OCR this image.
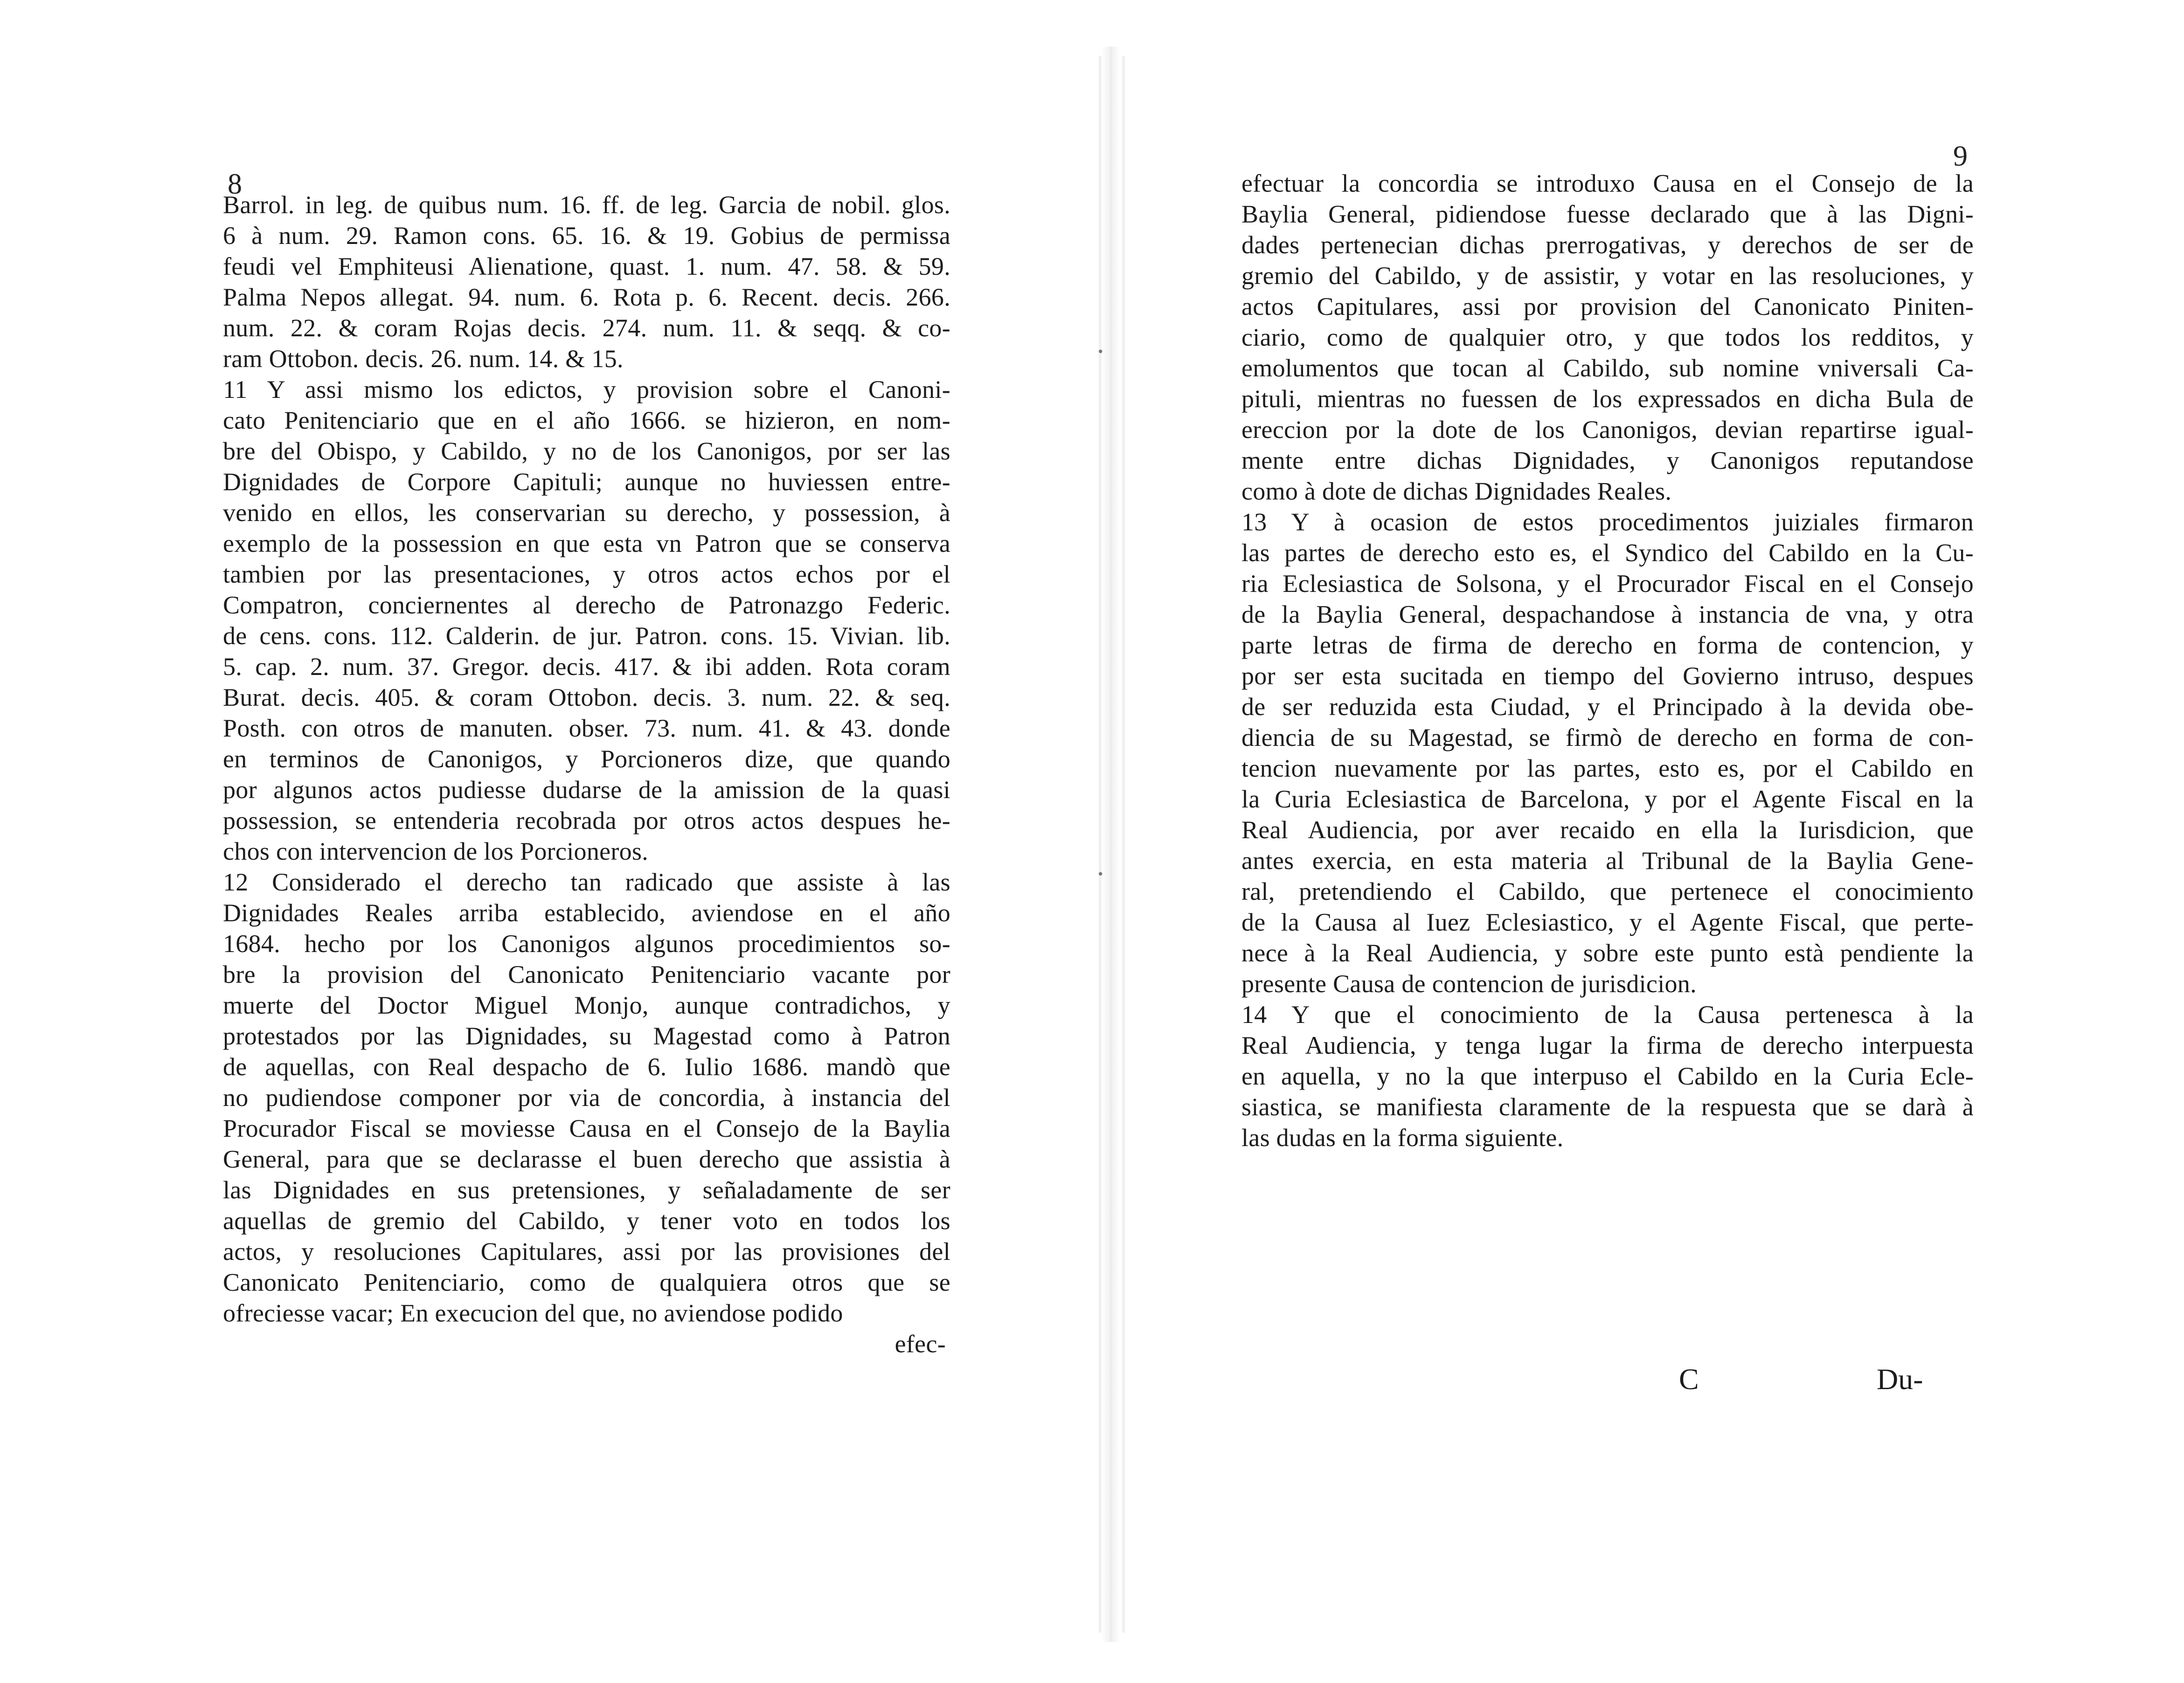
8
9
Barrol. in leg. de quibus num. 16. ff. de leg. Garcia de nobil. glos.
6 à num. 29. Ramon cons. 65. 16. & 19. Gobius de permissa
feudi vel Emphiteusi Alienatione, quast. 1. num. 47. 58. & 59.
Palma Nepos allegat. 94. num. 6. Rota p. 6. Recent. decis. 266.
num. 22. & coram Rojas decis. 274. num. 11. & seqq. & co-
ram Ottobon. decis. 26. num. 14. & 15.
11 Y assi mismo los edictos, y provision sobre el Canoni-
cato Penitenciario que en el año 1666. se hizieron, en nom-
bre del Obispo, y Cabildo, y no de los Canonigos, por ser las
Dignidades de Corpore Capituli; aunque no huviessen entre-
venido en ellos, les conservarian su derecho, y possession, à
exemplo de la possession en que esta vn Patron que se conserva
tambien por las presentaciones, y otros actos echos por el
Compatron, conciernentes al derecho de Patronazgo Federic.
de cens. cons. 112. Calderin. de jur. Patron. cons. 15. Vivian. lib.
5. cap. 2. num. 37. Gregor. decis. 417. & ibi adden. Rota coram
Burat. decis. 405. & coram Ottobon. decis. 3. num. 22. & seq.
Posth. con otros de manuten. obser. 73. num. 41. & 43. donde
en terminos de Canonigos, y Porcioneros dize, que quando
por algunos actos pudiesse dudarse de la amission de la quasi
possession, se entenderia recobrada por otros actos despues he-
chos con intervencion de los Porcioneros.
12 Considerado el derecho tan radicado que assiste à las
Dignidades Reales arriba establecido, aviendose en el año
1684. hecho por los Canonigos algunos procedimientos so-
bre la provision del Canonicato Penitenciario vacante por
muerte del Doctor Miguel Monjo, aunque contradichos, y
protestados por las Dignidades, su Magestad como à Patron
de aquellas, con Real despacho de 6. Iulio 1686. mandò que
no pudiendose componer por via de concordia, à instancia del
Procurador Fiscal se moviesse Causa en el Consejo de la Baylia
General, para que se declarasse el buen derecho que assistia à
las Dignidades en sus pretensiones, y señaladamente de ser
aquellas de gremio del Cabildo, y tener voto en todos los
actos, y resoluciones Capitulares, assi por las provisiones del
Canonicato Penitenciario, como de qualquiera otros que se
ofreciesse vacar; En execucion del que, no aviendose podido
efec-
efectuar la concordia se introduxo Causa en el Consejo de la
Baylia General, pidiendose fuesse declarado que à las Digni-
dades pertenecian dichas prerrogativas, y derechos de ser de
gremio del Cabildo, y de assistir, y votar en las resoluciones, y
actos Capitulares, assi por provision del Canonicato Piniten-
ciario, como de qualquier otro, y que todos los redditos, y
emolumentos que tocan al Cabildo, sub nomine vniversali Ca-
pituli, mientras no fuessen de los expressados en dicha Bula de
ereccion por la dote de los Canonigos, devian repartirse igual-
mente entre dichas Dignidades, y Canonigos reputandose
como à dote de dichas Dignidades Reales.
13 Y à ocasion de estos procedimentos juiziales firmaron
las partes de derecho esto es, el Syndico del Cabildo en la Cu-
ria Eclesiastica de Solsona, y el Procurador Fiscal en el Consejo
de la Baylia General, despachandose à instancia de vna, y otra
parte letras de firma de derecho en forma de contencion, y
por ser esta sucitada en tiempo del Govierno intruso, despues
de ser reduzida esta Ciudad, y el Principado à la devida obe-
diencia de su Magestad, se firmò de derecho en forma de con-
tencion nuevamente por las partes, esto es, por el Cabildo en
la Curia Eclesiastica de Barcelona, y por el Agente Fiscal en la
Real Audiencia, por aver recaido en ella la Iurisdicion, que
antes exercia, en esta materia al Tribunal de la Baylia Gene-
ral, pretendiendo el Cabildo, que pertenece el conocimiento
de la Causa al Iuez Eclesiastico, y el Agente Fiscal, que perte-
nece à la Real Audiencia, y sobre este punto està pendiente la
presente Causa de contencion de jurisdicion.
14 Y que el conocimiento de la Causa pertenesca à la
Real Audiencia, y tenga lugar la firma de derecho interpuesta
en aquella, y no la que interpuso el Cabildo en la Curia Ecle-
siastica, se manifiesta claramente de la respuesta que se darà à
las dudas en la forma siguiente.
C	Du-
•
•
